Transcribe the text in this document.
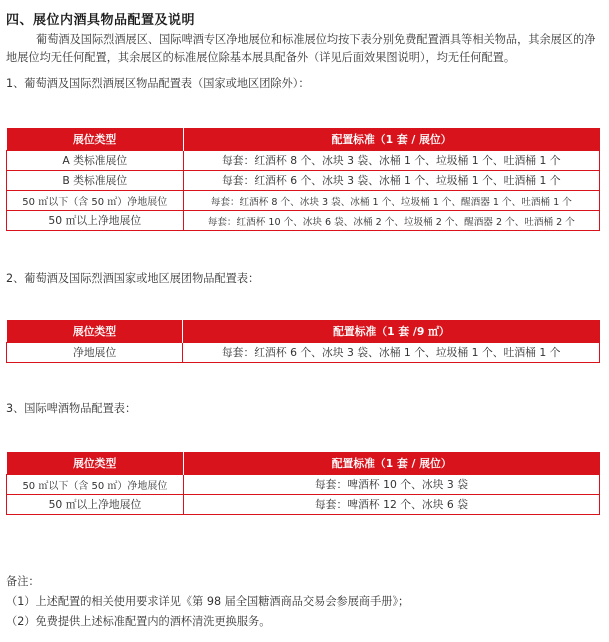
四、展位内酒具物品配置及说明
葡萄酒及国际烈酒展区、国际啤酒专区净地展位和标准展位均按下表分别免费配置酒具等相关物品，其余展区的净地展位均无任何配置，其余展区的标准展位除基本展具配备外（详见后面效果图说明），均无任何配置。
1、葡萄酒及国际烈酒展区物品配置表（国家或地区团除外）：
展位类型	配置标准（1 套 / 展位）
A 类标准展位	每套：红酒杯 8 个、冰块 3 袋、冰桶 1 个、垃圾桶 1 个、吐酒桶 1 个
B 类标准展位	每套：红酒杯 6 个、冰块 3 袋、冰桶 1 个、垃圾桶 1 个、吐酒桶 1 个
50 ㎡以下（含 50 ㎡）净地展位	每套：红酒杯 8 个、冰块 3 袋、冰桶 1 个、垃圾桶 1 个、醒酒器 1 个、吐酒桶 1 个
50 ㎡以上净地展位	每套：红酒杯 10 个、冰块 6 袋、冰桶 2 个、垃圾桶 2 个、醒酒器 2 个、吐酒桶 2 个
2、葡萄酒及国际烈酒国家或地区展团物品配置表：
展位类型	配置标准（1 套 /9 ㎡）
净地展位	每套：红酒杯 6 个、冰块 3 袋、冰桶 1 个、垃圾桶 1 个、吐酒桶 1 个
3、国际啤酒物品配置表：
展位类型	配置标准（1 套 / 展位）
50 ㎡以下（含 50 ㎡）净地展位	每套：啤酒杯 10 个、冰块 3 袋
50 ㎡以上净地展位	每套：啤酒杯 12 个、冰块 6 袋
备注：
（1）上述配置的相关使用要求详见《第 98 届全国糖酒商品交易会参展商手册》；
（2）免费提供上述标准配置内的酒杯清洗更换服务。
